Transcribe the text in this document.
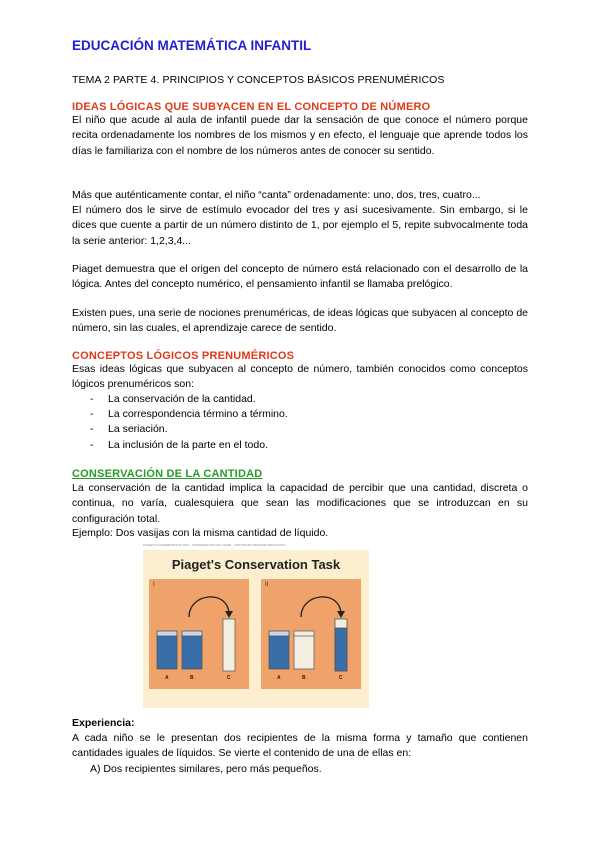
EDUCACIÓN MATEMÁTICA INFANTIL
TEMA 2 PARTE 4. PRINCIPIOS Y CONCEPTOS BÁSICOS PRENUMÉRICOS
IDEAS LÓGICAS QUE SUBYACEN EN EL CONCEPTO DE NÚMERO

El niño que acude al aula de infantil puede dar la sensación de que conoce el número porque recita ordenadamente los nombres de los mismos y en efecto, el lenguaje que aprende todos los días le familiariza con el nombre de los números antes de conocer su sentido.

Más que auténticamente contar, el niño “canta” ordenadamente: uno, dos, tres, cuatro...

El número dos le sirve de estímulo evocador del tres y así sucesivamente. Sin embargo, si le dices que cuente a partir de un número distinto de 1, por ejemplo el 5, repite subvocalmente toda la serie anterior: 1,2,3,4...

Piaget demuestra que el origen del concepto de número está relacionado con el desarrollo de la lógica. Antes del concepto numérico, el pensamiento infantil se llamaba prelógico.

Existen pues, una serie de nociones prenuméricas, de ideas lógicas que subyacen al concepto de número, sin las cuales, el aprendizaje carece de sentido.

CONCEPTOS LÓGICOS PRENUMÉRICOS

Esas ideas lógicas que subyacen al concepto de número, también conocidos como conceptos lógicos prenuméricos son:

- La conservación de la cantidad.
- La correspondencia término a término.
- La seriación.
- La inclusión de la parte en el todo.
CONSERVACIÓN DE LA CANTIDAD

La conservación de la cantidad implica la capacidad de percibir que una cantidad, discreta o continua, no varía, cualesquiera que sean las modificaciones que se introduzcan en su configuración total.

Ejemplo: Dos vasijas con la misma cantidad de líquido.
PIAGET'S CONSERVATION TASK · CONSERVATION OF LIQUID · COPYRIGHT PEARSON EDUCATION
Piaget's Conservation Task
I
A	B	C
II
A	B	C
Experiencia:

A cada niño se le presentan dos recipientes de la misma forma y tamaño que contienen cantidades iguales de líquidos. Se vierte el contenido de una de ellas en:

A) Dos recipientes similares, pero más pequeños.
